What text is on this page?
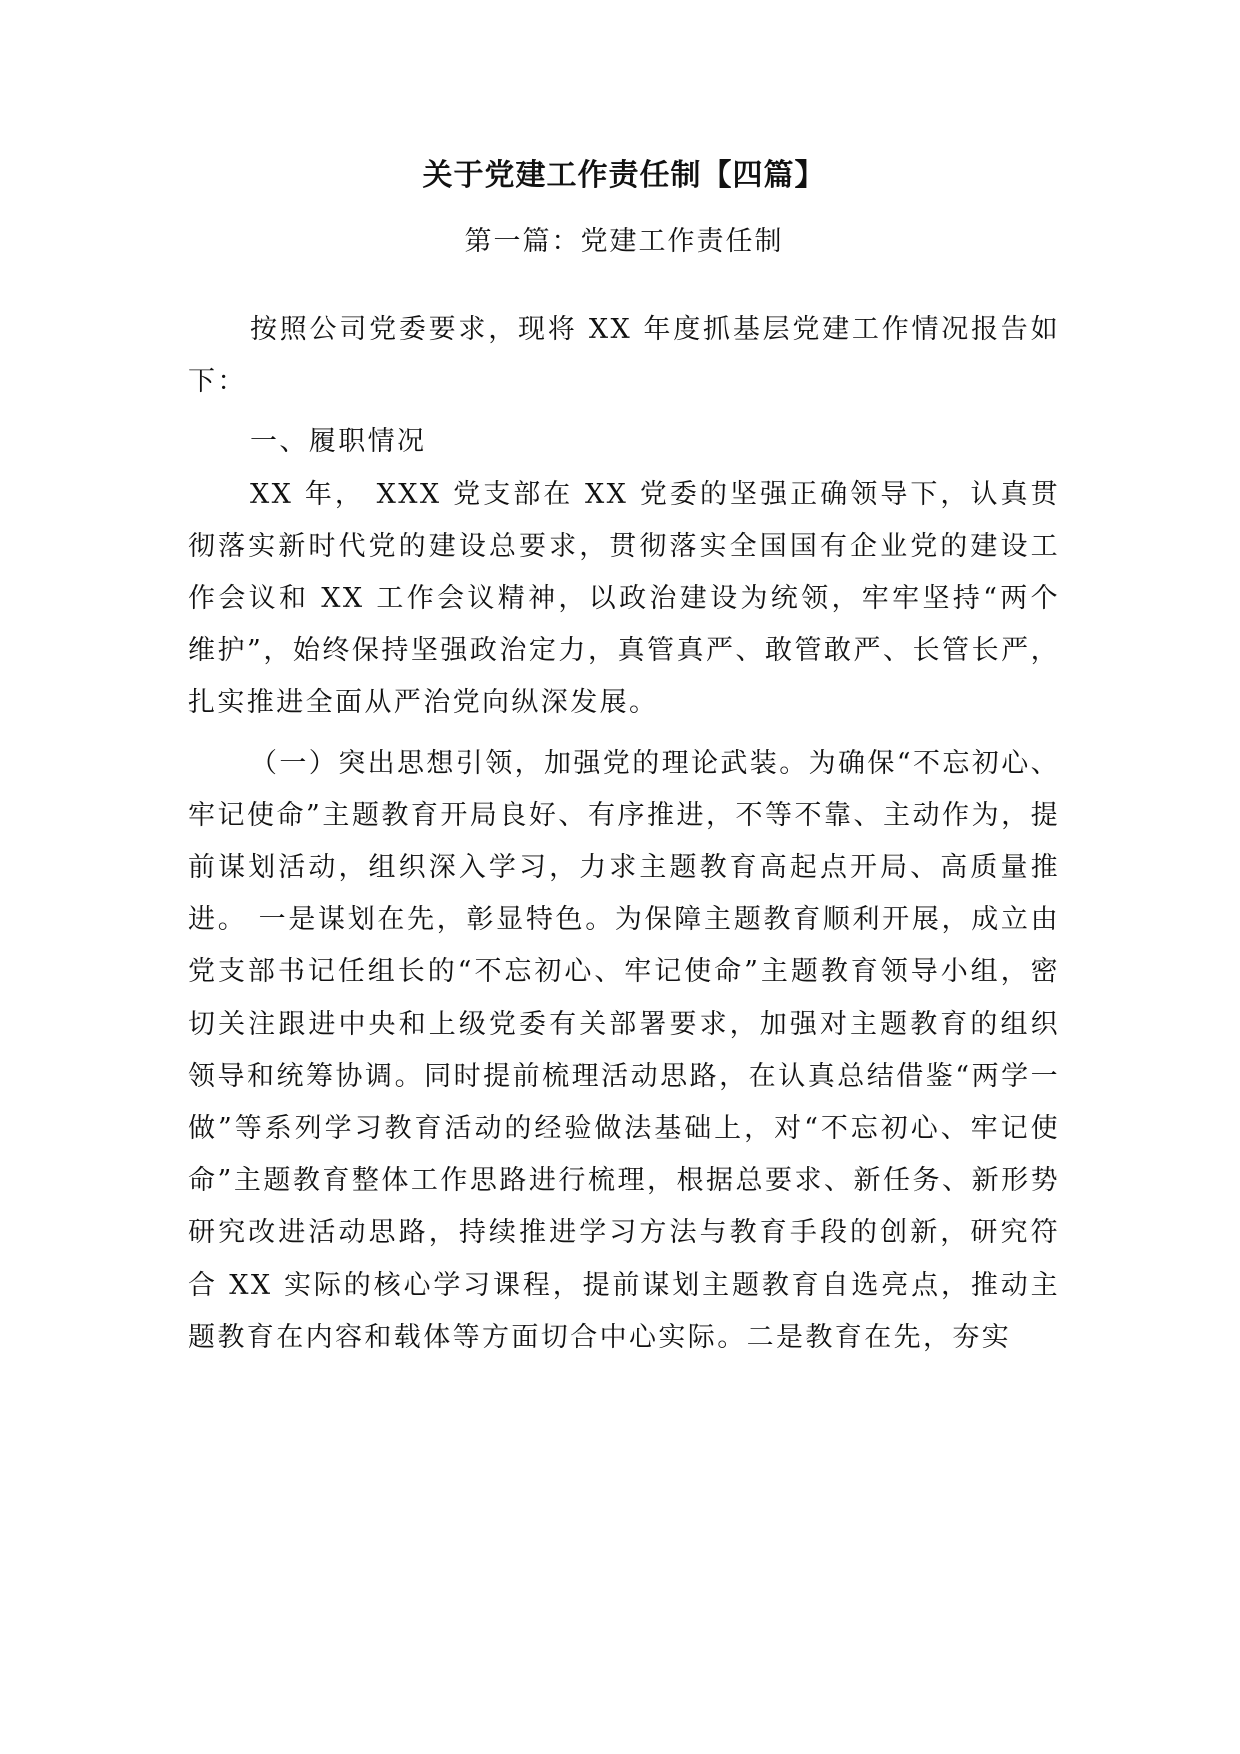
关于党建工作责任制【四篇】

第一篇：党建工作责任制

按照公司党委要求，现将 XX 年度抓基层党建工作情况报告如下：

一、履职情况

XX 年， XXX 党支部在 XX 党委的坚强正确领导下，认真贯彻落实新时代党的建设总要求，贯彻落实全国国有企业党的建设工作会议和 XX 工作会议精神，以政治建设为统领，牢牢坚持“两个维护”，始终保持坚强政治定力，真管真严、敢管敢严、长管长严，扎实推进全面从严治党向纵深发展。

（一）突出思想引领，加强党的理论武装。为确保“不忘初心、牢记使命”主题教育开局良好、有序推进，不等不靠、主动作为，提前谋划活动，组织深入学习，力求主题教育高起点开局、高质量推进。 一是谋划在先，彰显特色。为保障主题教育顺利开展，成立由党支部书记任组长的“不忘初心、牢记使命”主题教育领导小组，密切关注跟进中央和上级党委有关部署要求，加强对主题教育的组织领导和统筹协调。同时提前梳理活动思路，在认真总结借鉴“两学一做”等系列学习教育活动的经验做法基础上，对“不忘初心、牢记使命”主题教育整体工作思路进行梳理，根据总要求、新任务、新形势研究改进活动思路，持续推进学习方法与教育手段的创新，研究符合 XX 实际的核心学习课程，提前谋划主题教育自选亮点，推动主题教育在内容和载体等方面切合中心实际。二是教育在先，夯实
